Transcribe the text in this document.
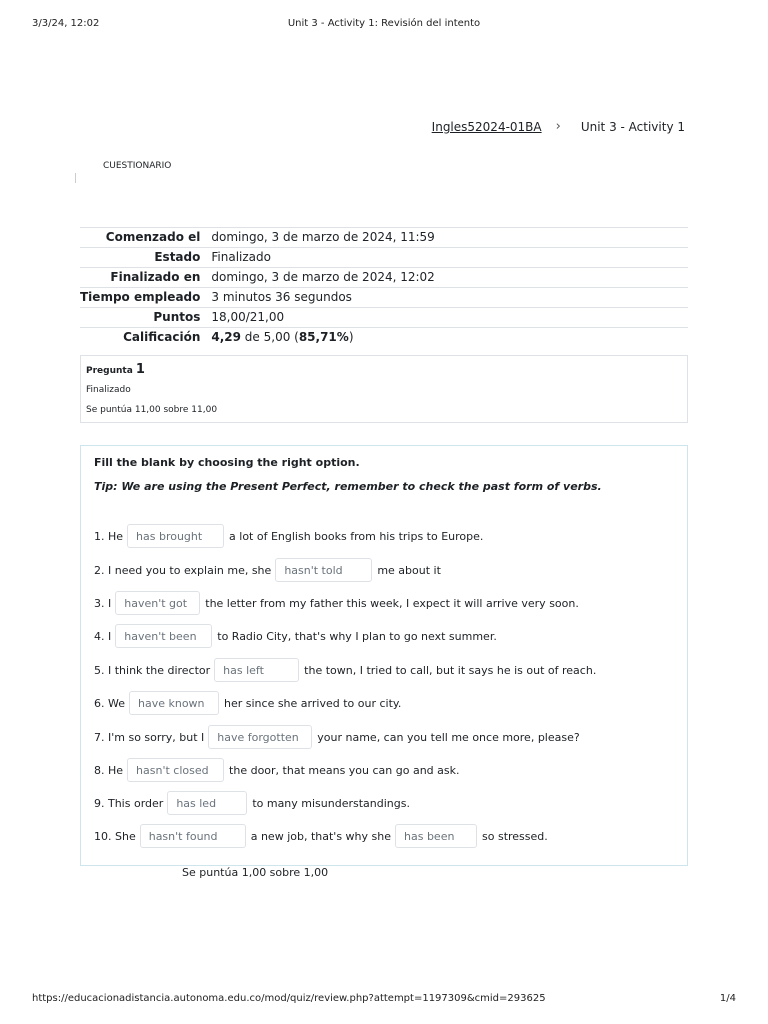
3/3/24, 12:02	Unit 3 - Activity 1: Revisión del intento
Ingles52024-01BA › Unit 3 - Activity 1
CUESTIONARIO
Comenzado el	domingo, 3 de marzo de 2024, 11:59
Estado	Finalizado
Finalizado en	domingo, 3 de marzo de 2024, 12:02
Tiempo empleado	3 minutos 36 segundos
Puntos	18,00/21,00
Calificación	4,29 de 5,00 (85,71%)
Pregunta 1
Finalizado
Se puntúa 11,00 sobre 11,00
Fill the blank by choosing the right option.
Tip: We are using the Present Perfect, remember to check the past form of verbs.
1. He	has brought	a lot of English books from his trips to Europe.
2. I need you to explain me, she	hasn't told	me about it
3. I	haven't got	the letter from my father this week, I expect it will arrive very soon.
4. I	haven't been	to Radio City, that's why I plan to go next summer.
5. I think the director	has left	the town, I tried to call, but it says he is out of reach.
6. We	have known	her since she arrived to our city.
7. I'm so sorry, but I	have forgotten	your name, can you tell me once more, please?
8. He	hasn't closed	the door, that means you can go and ask.
9. This order	has led	to many misunderstandings.
10. She	hasn't found	a new job, that's why she	has been	so stressed.
Se puntúa 1,00 sobre 1,00
https://educacionadistancia.autonoma.edu.co/mod/quiz/review.php?attempt=1197309&cmid=293625	1/4
